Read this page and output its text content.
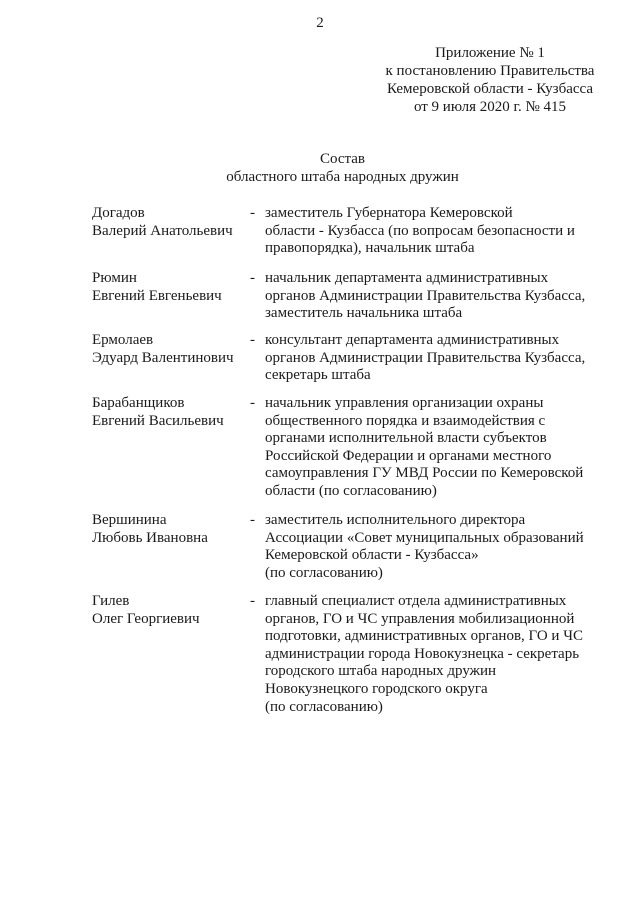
2
Приложение № 1
к постановлению Правительства
Кемеровской области - Кузбасса
от 9 июля 2020 г. № 415
Состав
областного штаба народных дружин
Догадов
Валерий Анатольевич
- заместитель Губернатора Кемеровской
области - Кузбасса (по вопросам безопасности и
правопорядка), начальник штаба
Рюмин
Евгений Евгеньевич
- начальник департамента административных
органов Администрации Правительства Кузбасса,
заместитель начальника штаба
Ермолаев
Эдуард Валентинович
- консультант департамента административных
органов Администрации Правительства Кузбасса,
секретарь штаба
Барабанщиков
Евгений Васильевич
- начальник управления организации охраны
общественного порядка и взаимодействия с
органами исполнительной власти субъектов
Российской Федерации и органами местного
самоуправления ГУ МВД России по Кемеровской
области (по согласованию)
Вершинина
Любовь Ивановна
- заместитель исполнительного директора
Ассоциации «Совет муниципальных образований
Кемеровской области - Кузбасса»
(по согласованию)
Гилев
Олег Георгиевич
- главный специалист отдела административных
органов, ГО и ЧС управления мобилизационной
подготовки, административных органов, ГО и ЧС
администрации города Новокузнецка - секретарь
городского штаба народных дружин
Новокузнецкого городского округа
(по согласованию)
